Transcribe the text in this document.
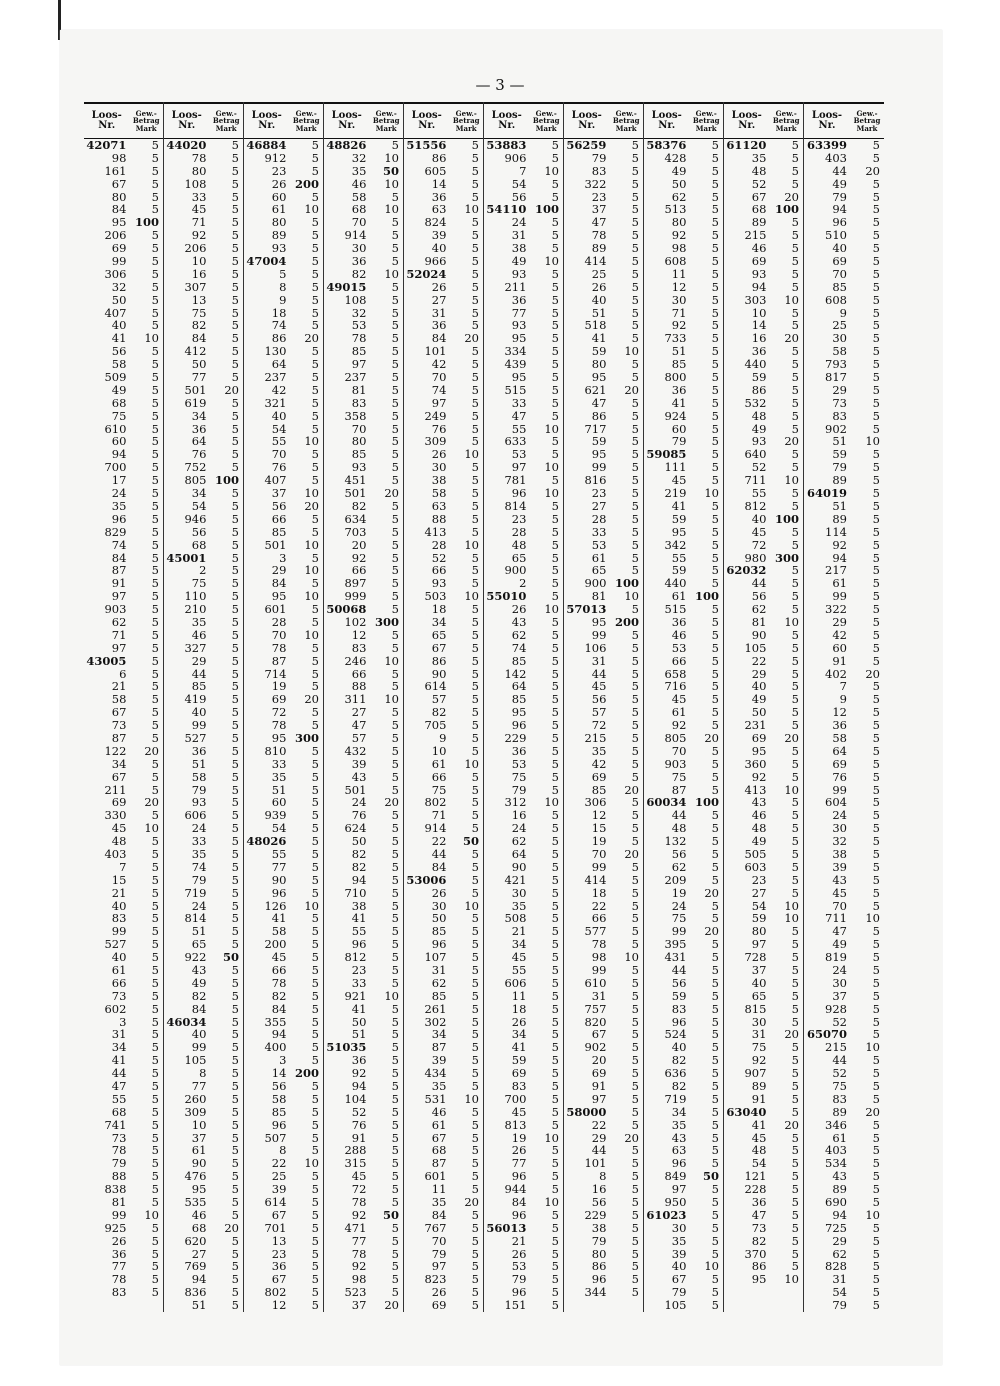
— 3 —
Loos-
Nr.
Gew.-
Betrag
Mark
42071	5
98	5
161	5
67	5
80	5
84	5
95 100
206	5
69	5
99	5
306	5
32	5
50	5
407	5
40	5
41	10
56	5
58	5
509	5
49	5
68	5
75	5
610	5
60	5
94	5
700	5
17	5
24	5
35	5
96	5
829	5
74	5
84	5
87	5
91	5
97	5
903	5
62	5
71	5
97	5
43005	5
6	5
21	5
58	5
67	5
73	5
87	5
122	20
34	5
67	5
211	5
69	20
330	5
45	10
48	5
403	5
7	5
15	5
21	5
40	5
83	5
99	5
527	5
40	5
61	5
66	5
73	5
602	5
3	5
31	5
34	5
41	5
44	5
47	5
55	5
68	5
741	5
73	5
78	5
79	5
88	5
838	5
81	5
99	10
925	5
26	5
36	5
77	5
78	5
83	5
Loos-
Nr.
Gew.-
Betrag
Mark
44020	5
78	5
80	5
108	5
33	5
45	5
71	5
92	5
206	5
10	5
16	5
307	5
13	5
75	5
82	5
84	5
412	5
50	5
77	5
501	20
619	5
34	5
36	5
64	5
76	5
752	5
805 100
34	5
54	5
946	5
56	5
68	5
45001	5
2	5
75	5
110	5
210	5
35	5
46	5
327	5
29	5
44	5
85	5
419	5
40	5
99	5
527	5
36	5
51	5
58	5
79	5
93	5
606	5
24	5
33	5
35	5
74	5
79	5
719	5
24	5
814	5
51	5
65	5
922	50
43	5
49	5
82	5
84	5
46034	5
40	5
99	5
105	5
8	5
77	5
260	5
309	5
10	5
37	5
61	5
90	5
476	5
95	5
535	5
46	5
68	20
620	5
27	5
769	5
94	5
836	5
51	5
Loos-
Nr.
Gew.-
Betrag
Mark
46884	5
912	5
23	5
26 200
60	5
61	10
80	5
89	5
93	5
47004	5
5	5
8	5
9	5
18	5
74	5
86	20
130	5
64	5
237	5
42	5
321	5
40	5
54	5
55	10
70	5
76	5
407	5
37	10
56	20
66	5
85	5
501	10
3	5
29	10
84	5
95	10
601	5
28	5
70	10
78	5
87	5
714	5
19	5
69	20
72	5
78	5
95 300
810	5
33	5
35	5
51	5
60	5
939	5
54	5
48026	5
55	5
77	5
90	5
96	5
126	10
41	5
58	5
200	5
45	5
66	5
78	5
82	5
84	5
355	5
94	5
400	5
3	5
14 200
56	5
58	5
85	5
96	5
507	5
8	5
22	10
25	5
39	5
614	5
67	5
701	5
13	5
23	5
36	5
67	5
802	5
12	5
Loos-
Nr.
Gew.-
Betrag
Mark
48826	5
32	10
35	50
46	10
58	5
68	10
70	5
914	5
30	5
36	5
82	10
49015	5
108	5
32	5
53	5
78	5
85	5
97	5
237	5
81	5
83	5
358	5
70	5
80	5
85	5
93	5
451	5
501	20
82	5
634	5
703	5
20	5
92	5
66	5
897	5
999	5
50068	5
102 300
12	5
83	5
246	10
66	5
88	5
311	10
27	5
47	5
57	5
432	5
39	5
43	5
501	5
24	20
76	5
624	5
50	5
82	5
82	5
94	5
710	5
38	5
41	5
55	5
96	5
812	5
23	5
33	5
921	10
41	5
50	5
51	5
51035	5
36	5
92	5
94	5
104	5
52	5
76	5
91	5
288	5
315	5
45	5
72	5
78	5
92	50
471	5
77	5
78	5
92	5
98	5
523	5
37	20
Loos-
Nr.
Gew.-
Betrag
Mark
51556	5
86	5
605	5
14	5
36	5
63	10
824	5
39	5
40	5
966	5
52024	5
26	5
27	5
31	5
36	5
84	20
101	5
42	5
70	5
74	5
97	5
249	5
76	5
309	5
26	10
30	5
38	5
58	5
63	5
88	5
413	5
28	10
52	5
66	5
93	5
503	10
18	5
34	5
65	5
67	5
86	5
90	5
614	5
57	5
82	5
705	5
9	5
10	5
61	10
66	5
75	5
802	5
71	5
914	5
22	50
44	5
84	5
53006	5
26	5
30	10
50	5
85	5
96	5
107	5
31	5
62	5
85	5
261	5
302	5
34	5
87	5
39	5
434	5
35	5
531	10
46	5
61	5
67	5
68	5
87	5
601	5
11	5
35	20
84	5
767	5
70	5
79	5
97	5
823	5
26	5
69	5
Loos-
Nr.
Gew.-
Betrag
Mark
53883	5
906	5
7	10
54	5
56	5
54110 100
24	5
31	5
38	5
49	10
93	5
211	5
36	5
77	5
93	5
95	5
334	5
439	5
95	5
515	5
33	5
47	5
55	10
633	5
53	5
97	10
781	5
96	10
814	5
23	5
28	5
48	5
65	5
900	5
2	5
55010	5
26	10
43	5
62	5
74	5
85	5
142	5
64	5
85	5
95	5
96	5
229	5
36	5
53	5
75	5
79	5
312	10
16	5
24	5
62	5
64	5
90	5
421	5
30	5
35	5
508	5
21	5
34	5
45	5
55	5
606	5
11	5
18	5
26	5
34	5
41	5
59	5
69	5
83	5
700	5
45	5
813	5
19	10
26	5
77	5
96	5
944	5
84	10
96	5
56013	5
21	5
26	5
53	5
79	5
96	5
151	5
Loos-
Nr.
Gew.-
Betrag
Mark
56259	5
79	5
83	5
322	5
23	5
37	5
47	5
78	5
89	5
414	5
25	5
26	5
40	5
51	5
518	5
41	5
59	10
80	5
95	5
621	20
47	5
86	5
717	5
59	5
95	5
99	5
816	5
23	5
27	5
28	5
33	5
53	5
61	5
65	5
900 100
81	10
57013	5
95 200
99	5
106	5
31	5
44	5
45	5
56	5
57	5
72	5
215	5
35	5
42	5
69	5
85	20
306	5
12	5
15	5
19	5
70	20
99	5
414	5
18	5
22	5
66	5
577	5
78	5
98	10
99	5
610	5
31	5
757	5
820	5
67	5
902	5
20	5
69	5
91	5
97	5
58000	5
22	5
29	20
44	5
101	5
8	5
16	5
56	5
229	5
38	5
79	5
80	5
86	5
96	5
344	5
Loos-
Nr.
Gew.-
Betrag
Mark
58376	5
428	5
49	5
50	5
62	5
513	5
80	5
92	5
98	5
608	5
11	5
12	5
30	5
71	5
92	5
733	5
51	5
85	5
800	5
36	5
41	5
924	5
60	5
79	5
59085	5
111	5
45	5
219	10
41	5
59	5
95	5
342	5
55	5
59	5
440	5
61 100
515	5
36	5
46	5
53	5
66	5
658	5
716	5
45	5
61	5
92	5
805	20
70	5
903	5
75	5
87	5
60034 100
44	5
48	5
132	5
56	5
62	5
209	5
19	20
24	5
75	5
99	20
395	5
431	5
44	5
56	5
59	5
83	5
96	5
524	5
40	5
82	5
636	5
82	5
719	5
34	5
35	5
43	5
63	5
96	5
849	50
97	5
950	5
61023	5
30	5
35	5
39	5
40	10
67	5
79	5
105	5
Loos-
Nr.
Gew.-
Betrag
Mark
61120	5
35	5
48	5
52	5
67	20
68 100
89	5
215	5
46	5
69	5
93	5
94	5
303	10
10	5
14	5
16	20
36	5
440	5
59	5
86	5
532	5
48	5
49	5
93	20
640	5
52	5
711	10
55	5
812	5
40 100
45	5
72	5
980 300
62032	5
44	5
56	5
62	5
81	10
90	5
105	5
22	5
29	5
40	5
49	5
50	5
231	5
69	20
95	5
360	5
92	5
413	10
43	5
46	5
48	5
49	5
505	5
603	5
23	5
27	5
54	10
59	10
80	5
97	5
728	5
37	5
40	5
65	5
815	5
30	5
31	20
75	5
92	5
907	5
89	5
91	5
63040	5
41	20
45	5
48	5
54	5
121	5
228	5
36	5
47	5
73	5
82	5
370	5
86	5
95	10
Loos-
Nr.
Gew.-
Betrag
Mark
63399	5
403	5
44	20
49	5
79	5
94	5
96	5
510	5
40	5
69	5
70	5
85	5
608	5
9	5
25	5
30	5
58	5
793	5
817	5
29	5
73	5
83	5
902	5
51	10
59	5
79	5
89	5
64019	5
51	5
89	5
114	5
92	5
94	5
217	5
61	5
99	5
322	5
29	5
42	5
60	5
91	5
402	20
7	5
9	5
12	5
36	5
58	5
64	5
69	5
76	5
99	5
604	5
24	5
30	5
32	5
38	5
39	5
43	5
45	5
70	5
711	10
47	5
49	5
819	5
24	5
30	5
37	5
928	5
52	5
65070	5
215	10
44	5
52	5
75	5
83	5
89	20
346	5
61	5
403	5
534	5
43	5
89	5
690	5
94	10
725	5
29	5
62	5
828	5
31	5
54	5
79	5
